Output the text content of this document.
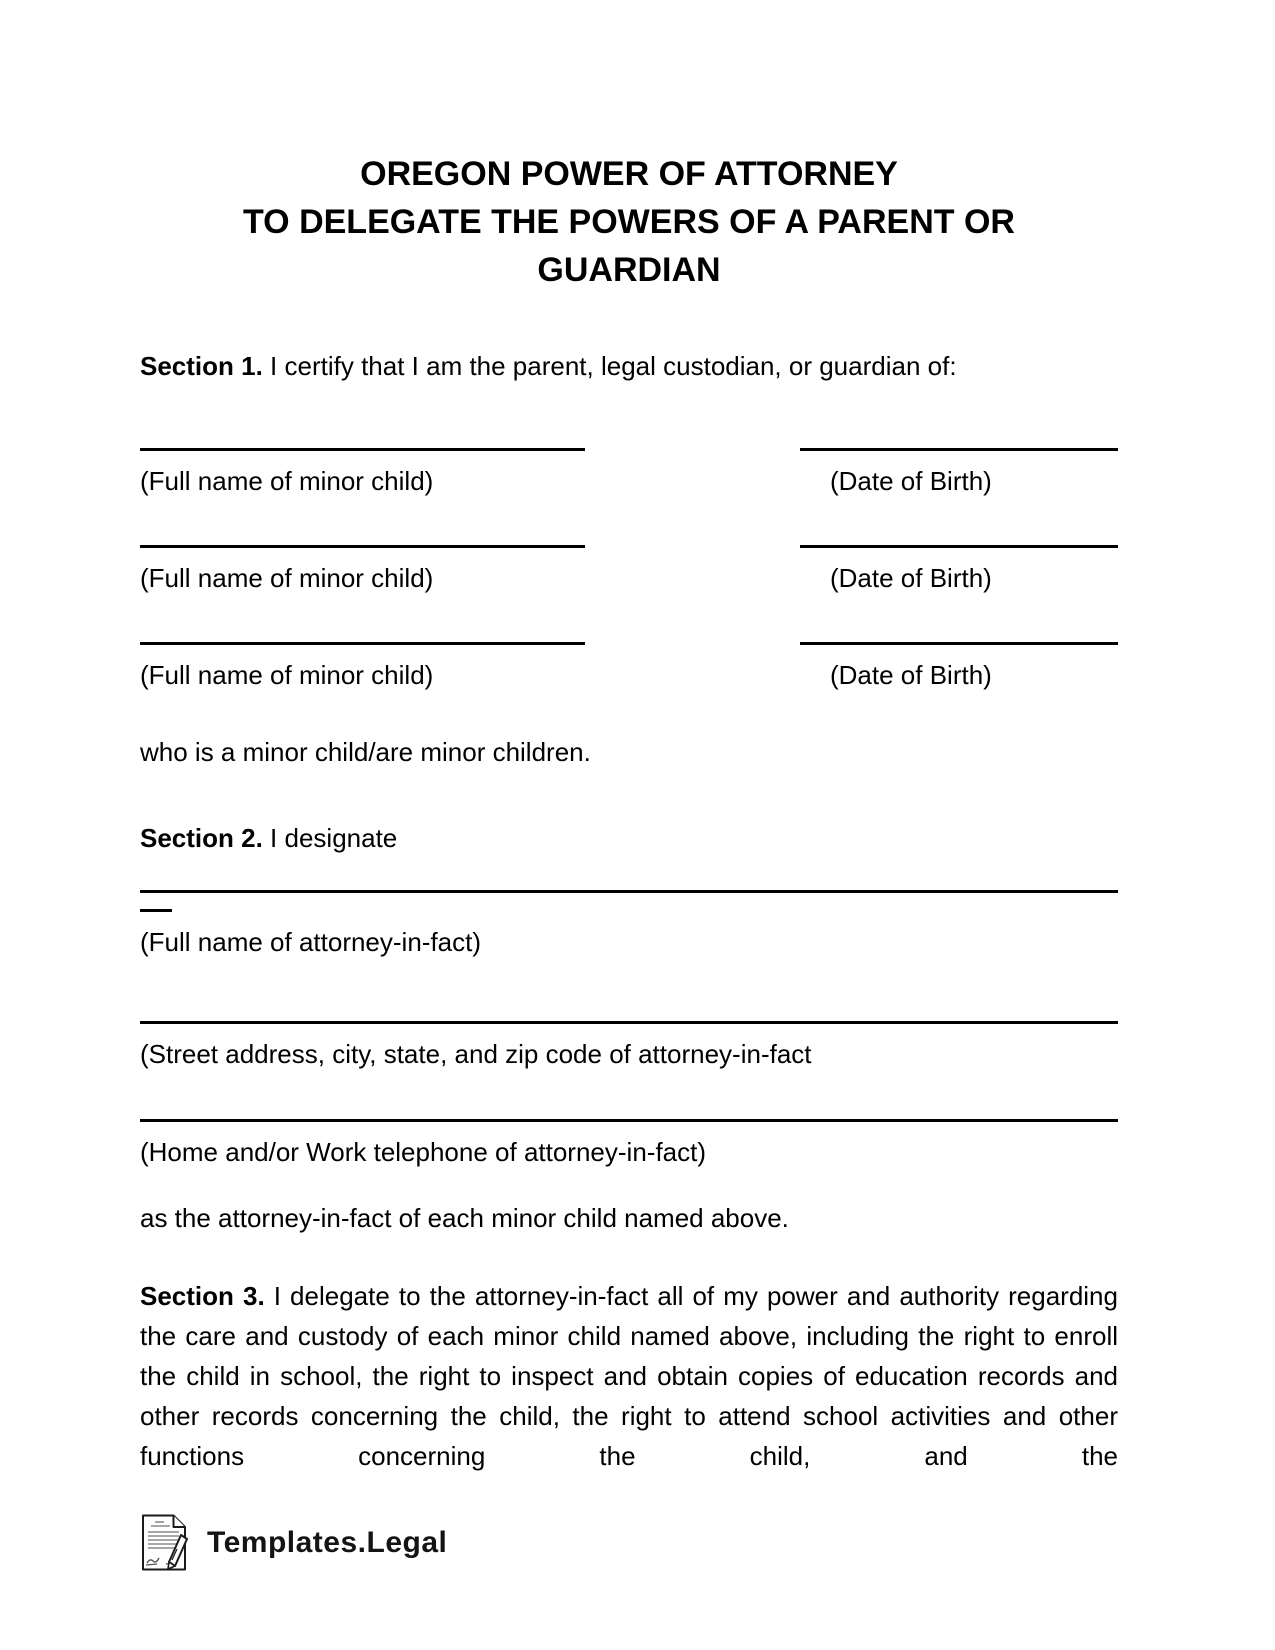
OREGON POWER OF ATTORNEY
TO DELEGATE THE POWERS OF A PARENT OR
GUARDIAN

Section 1. I certify that I am the parent, legal custodian, or guardian of:

(Full name of minor child)	(Date of Birth)
(Full name of minor child)	(Date of Birth)
(Full name of minor child)	(Date of Birth)

who is a minor child/are minor children.

Section 2. I designate

(Full name of attorney-in-fact)
(Street address, city, state, and zip code of attorney-in-fact
(Home and/or Work telephone of attorney-in-fact)

as the attorney-in-fact of each minor child named above.

Section 3. I delegate to the attorney-in-fact all of my power and authority regarding the care and custody of each minor child named above, including the right to enroll the child in school, the right to inspect and obtain copies of education records and other records concerning the child, the right to attend school activities and other functions concerning the child, and the

Templates.Legal
